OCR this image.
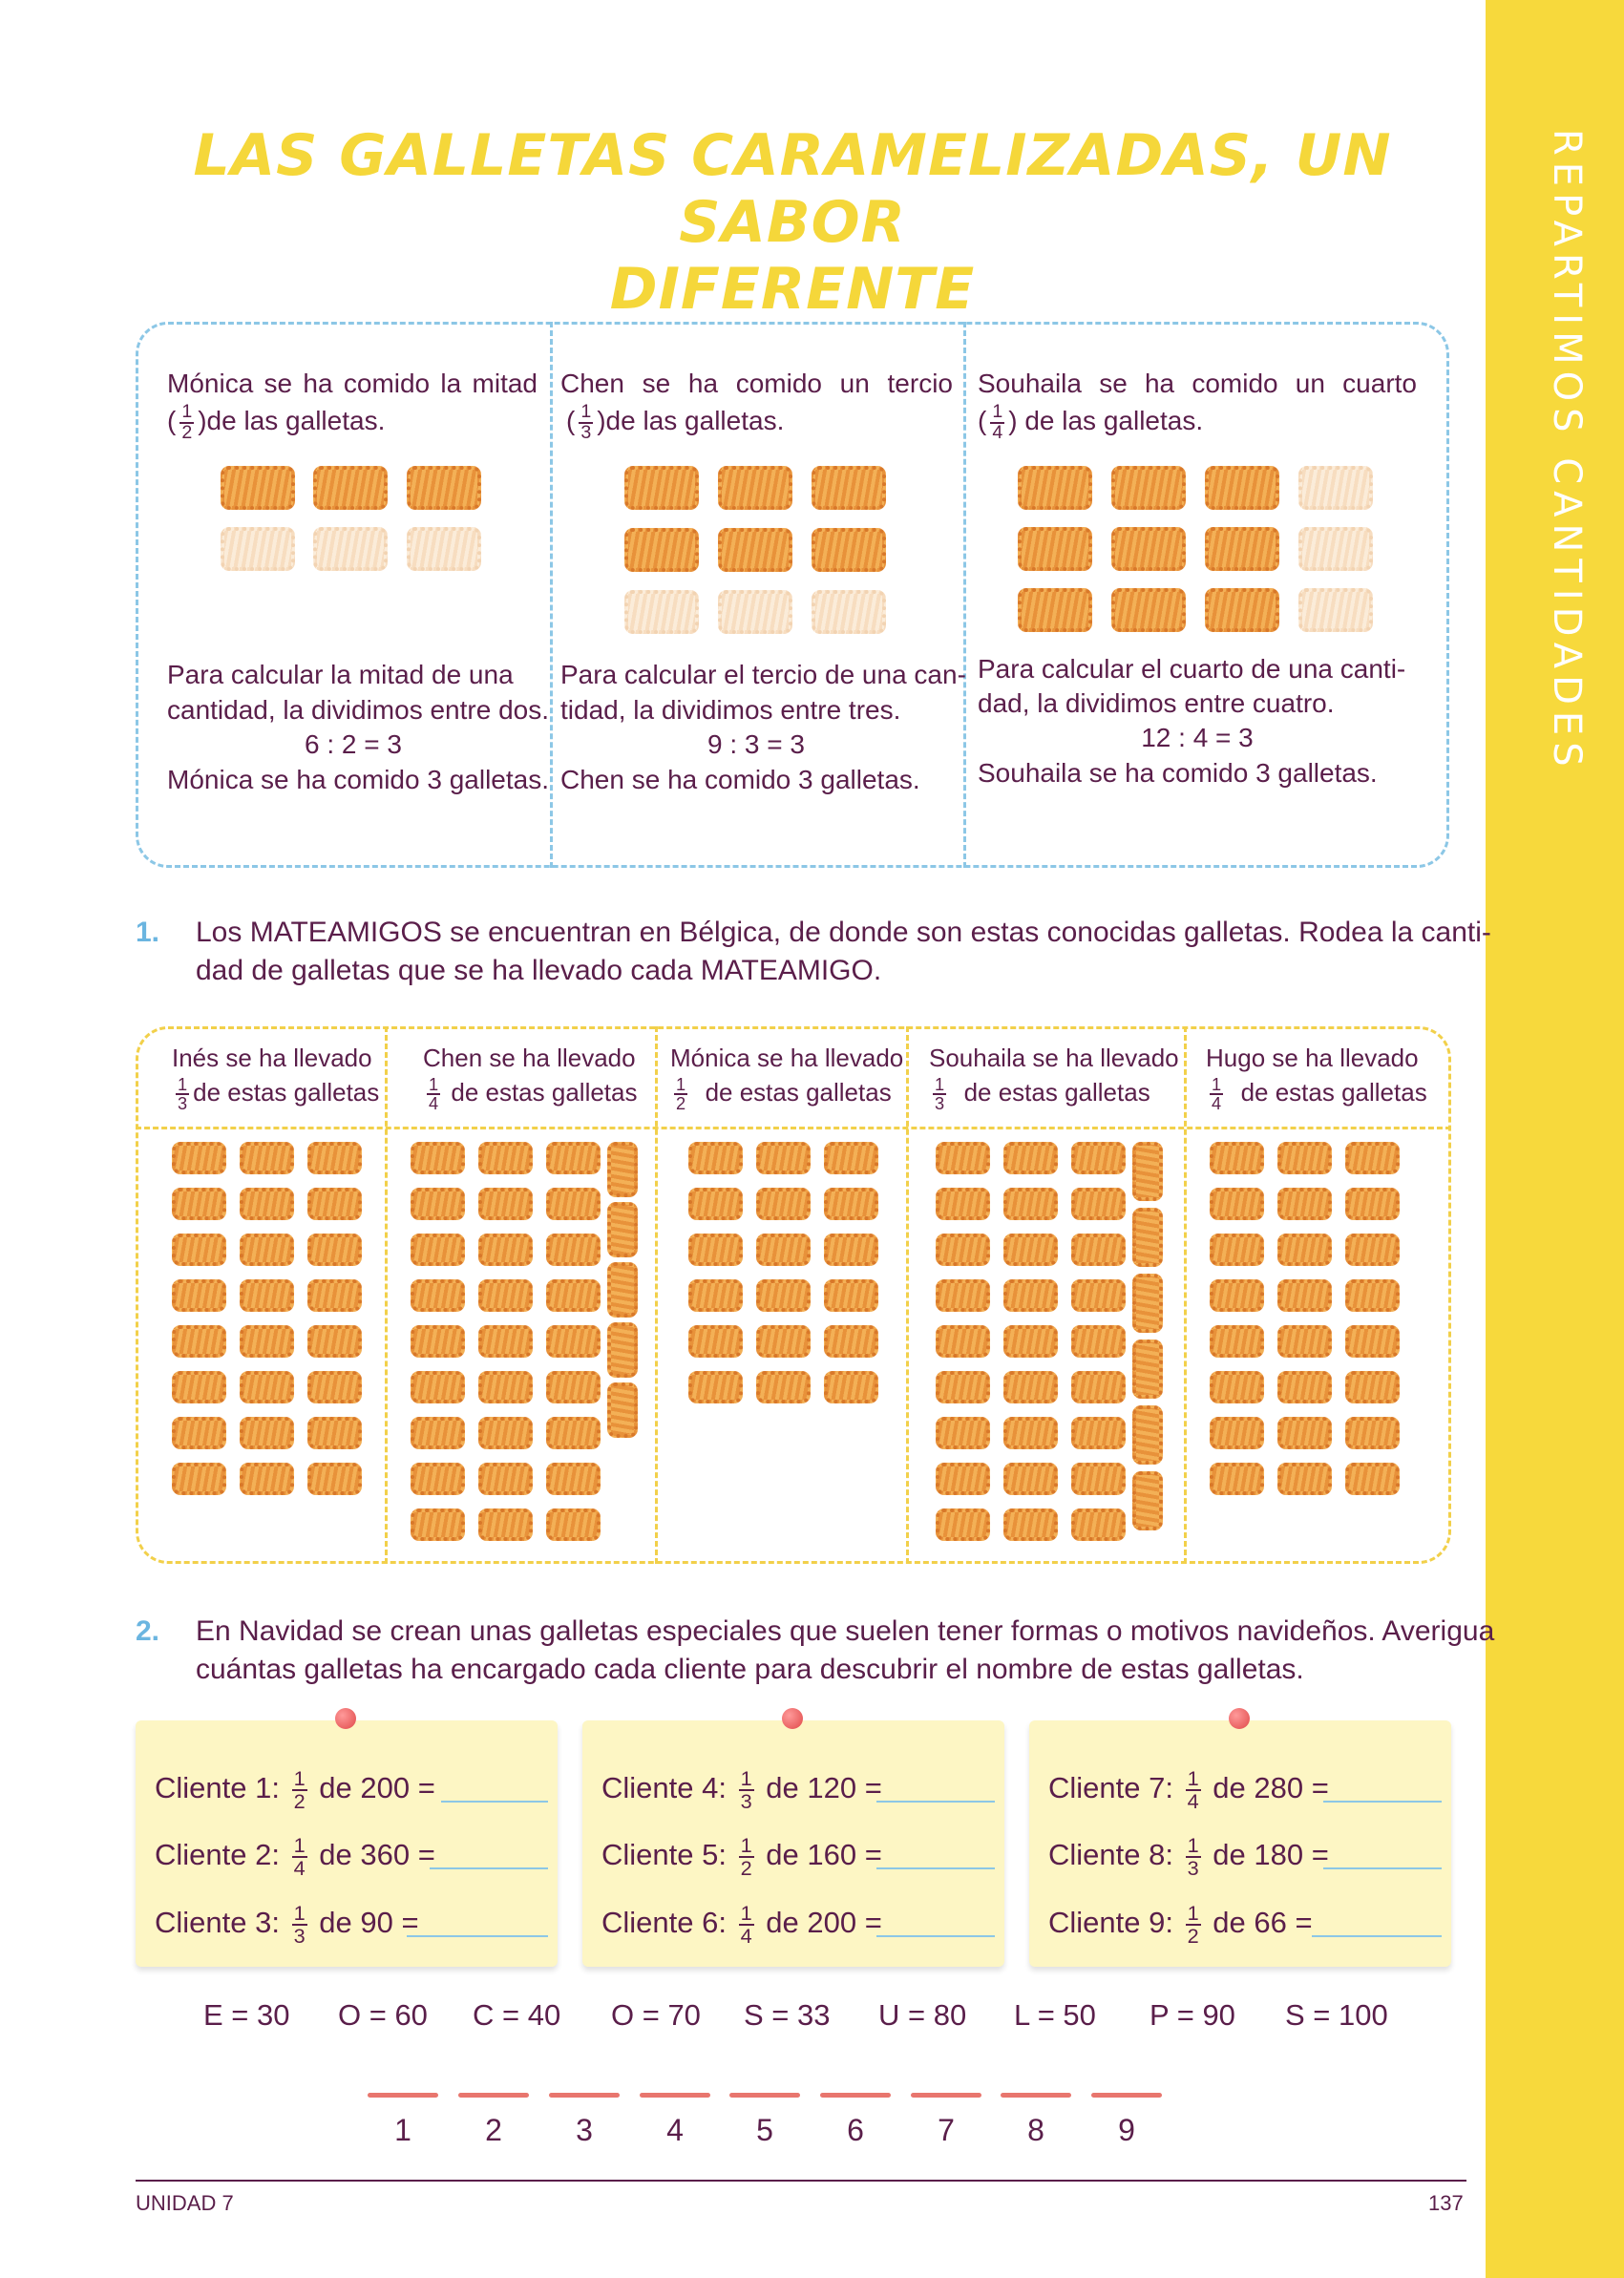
REPARTIMOS CANTIDADES
LAS GALLETAS CARAMELIZADAS, UN SABOR
DIFERENTE
Mónica se ha comido la mitad
( $\frac{1}{2} )de$ las galletas.
Para calcular la mitad de una
cantidad, la dividimos entre dos.
6 : 2 = 3
Mónica se ha comido 3 galletas.
Chen se ha comido un tercio
( $\frac{1}{3} )de$ las galletas.
Para calcular el tercio de una can-
tidad, la dividimos entre tres.
9 : 3 = 3
Chen se ha comido 3 galletas.
Souhaila se ha comido un cuarto
( $\frac{1}{4}$ ) de las galletas.
Para calcular el cuarto de una canti-
dad, la dividimos entre cuatro.
12 : 4 = 3
Souhaila se ha comido 3 galletas.
1. Los MATEAMIGOS se encuentran en Bélgica, de donde son estas conocidas galletas. Rodea la canti-
dad de galletas que se ha llevado cada MATEAMIGO.
Inés se ha llevado
$\frac{1}{3}$ de estas galletas
Chen se ha llevado
$\frac{1}{4}$ de estas galletas
Mónica se ha llevado
$\frac{1}{2}$ de estas galletas
Souhaila se ha llevado
$\frac{1}{3}$ de estas galletas
Hugo se ha llevado
$\frac{1}{4}$ de estas galletas
2. En Navidad se crean unas galletas especiales que suelen tener formas o motivos navideños. Averigua
cuántas galletas ha encargado cada cliente para descubrir el nombre de estas galletas.
Cliente 1: $\frac{1}{2}$ de 200 =
Cliente 2: $\frac{1}{4}$ de 360 =
Cliente 3: $\frac{1}{3}$ de 90 =
Cliente 4: $\frac{1}{3}$ de 120 =
Cliente 5: $\frac{1}{2}$ de 160 =
Cliente 6: $\frac{1}{4}$ de 200 =
Cliente 7: $\frac{1}{4}$ de 280 =
Cliente 8: $\frac{1}{3}$ de 180 =
Cliente 9: $\frac{1}{2}$ de 66 =
E = 30 O = 60 C = 40 O = 70 S = 33 U = 80 L = 50 P = 90 S = 100
1	2	3	4	5	6	7	8	9
UNIDAD 7	137
